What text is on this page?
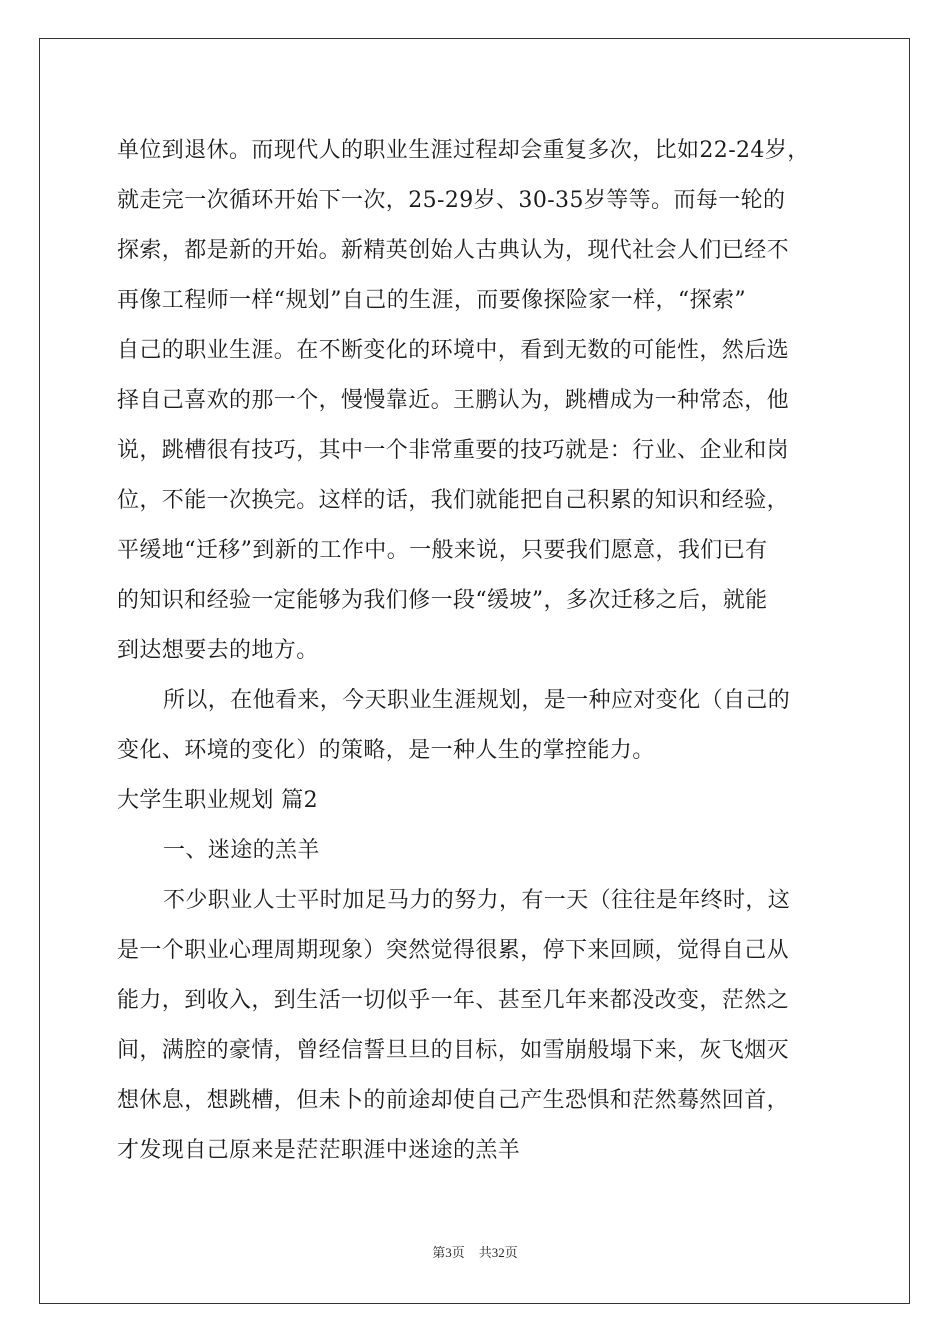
单位到退休。而现代人的职业生涯过程却会重复多次，比如22-24岁，
就走完一次循环开始下一次，25-29岁、30-35岁等等。而每一轮的
探索，都是新的开始。新精英创始人古典认为，现代社会人们已经不
再像工程师一样“规划”自己的生涯，而要像探险家一样，“探索”
自己的职业生涯。在不断变化的环境中，看到无数的可能性，然后选
择自己喜欢的那一个，慢慢靠近。王鹏认为，跳槽成为一种常态，他
说，跳槽很有技巧，其中一个非常重要的技巧就是：行业、企业和岗
位，不能一次换完。这样的话，我们就能把自己积累的知识和经验，
平缓地“迁移”到新的工作中。一般来说，只要我们愿意，我们已有
的知识和经验一定能够为我们修一段“缓坡”，多次迁移之后，就能
到达想要去的地方。
所以，在他看来，今天职业生涯规划，是一种应对变化（自己的
变化、环境的变化）的策略，是一种人生的掌控能力。
大学生职业规划 篇2
一、迷途的羔羊
不少职业人士平时加足马力的努力，有一天（往往是年终时，这
是一个职业心理周期现象）突然觉得很累，停下来回顾，觉得自己从
能力，到收入，到生活一切似乎一年、甚至几年来都没改变，茫然之
间，满腔的豪情，曾经信誓旦旦的目标，如雪崩般塌下来，灰飞烟灭
想休息，想跳槽，但未卜的前途却使自己产生恐惧和茫然蓦然回首，
才发现自己原来是茫茫职涯中迷途的羔羊
第3页 共32页
